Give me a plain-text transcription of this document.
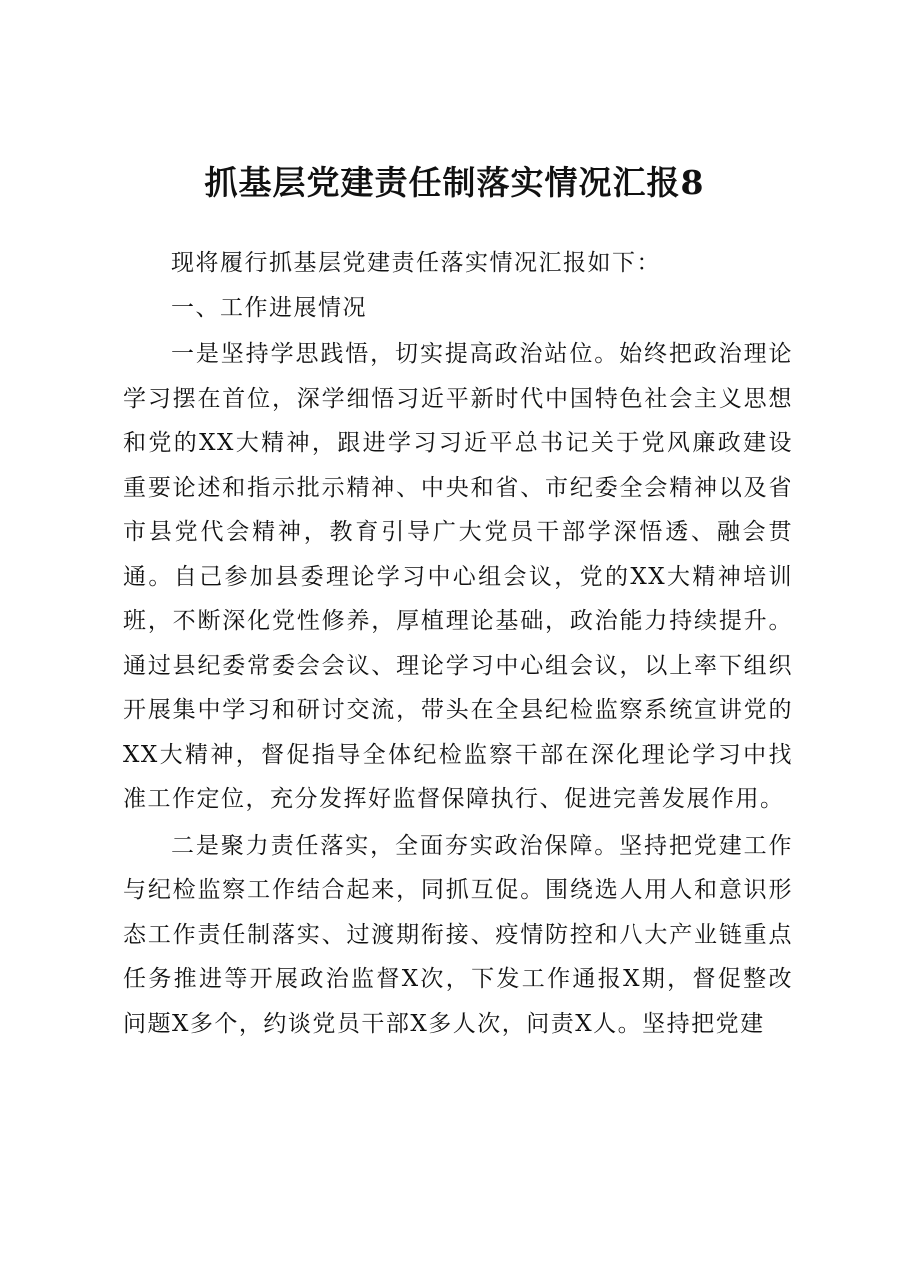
抓基层党建责任制落实情况汇报8

现将履行抓基层党建责任落实情况汇报如下：

一、工作进展情况

一是坚持学思践悟，切实提高政治站位。始终把政治理论学习摆在首位，深学细悟习近平新时代中国特色社会主义思想和党的XX大精神，跟进学习习近平总书记关于党风廉政建设重要论述和指示批示精神、中央和省、市纪委全会精神以及省市县党代会精神，教育引导广大党员干部学深悟透、融会贯通。自己参加县委理论学习中心组会议，党的XX大精神培训班，不断深化党性修养，厚植理论基础，政治能力持续提升。通过县纪委常委会会议、理论学习中心组会议，以上率下组织开展集中学习和研讨交流，带头在全县纪检监察系统宣讲党的XX大精神，督促指导全体纪检监察干部在深化理论学习中找准工作定位，充分发挥好监督保障执行、促进完善发展作用。

二是聚力责任落实，全面夯实政治保障。坚持把党建工作与纪检监察工作结合起来，同抓互促。围绕选人用人和意识形态工作责任制落实、过渡期衔接、疫情防控和八大产业链重点任务推进等开展政治监督X次，下发工作通报X期，督促整改问题X多个，约谈党员干部X多人次，问责X人。坚持把党建
